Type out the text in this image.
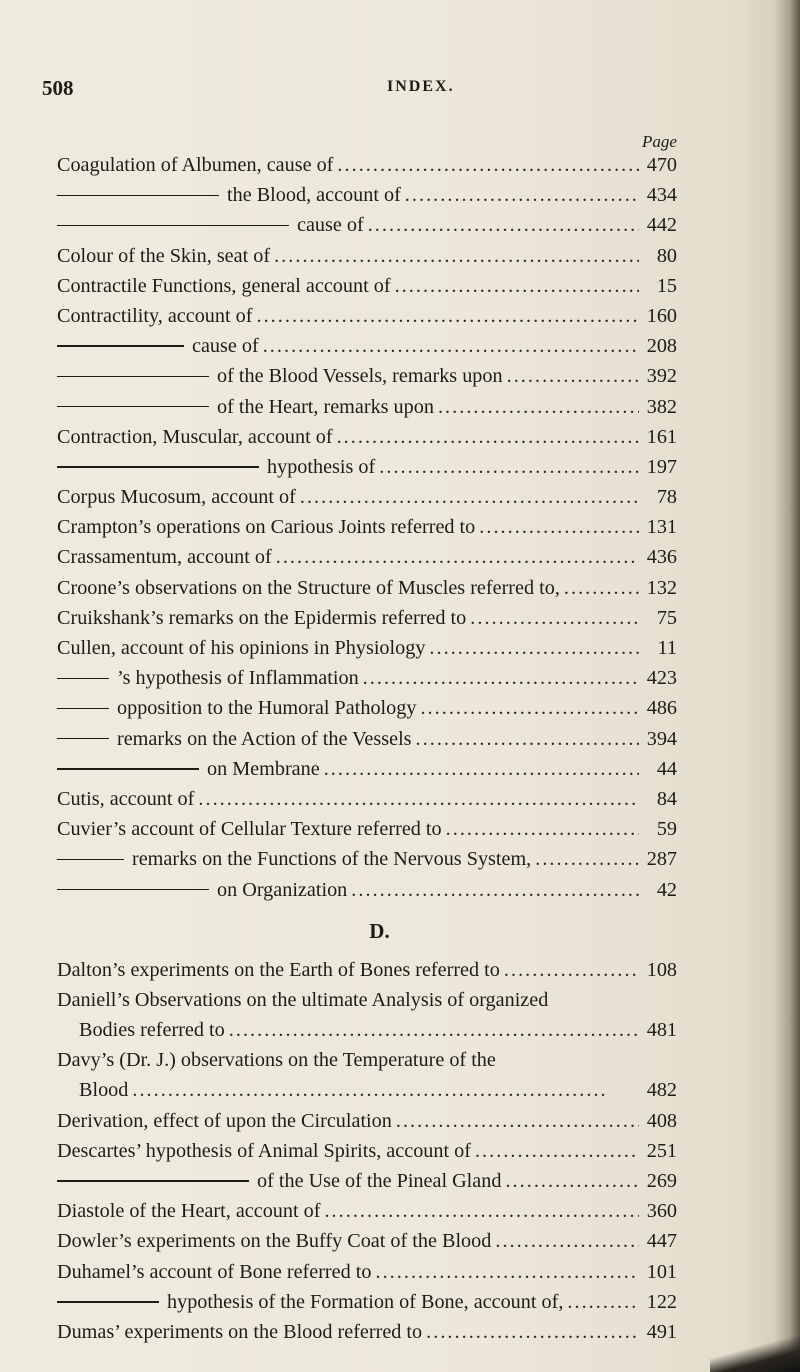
508	INDEX.
Page
Coagulation of Albumen, cause of . . .	470
the Blood, account of . . .	434
cause of . . .	442
Colour of the Skin, seat of . . .	80
Contractile Functions, general account of . . .	15
Contractility, account of . . .	160
cause of . . .	208
of the Blood Vessels, remarks upon . . .	392
of the Heart, remarks upon . . .	382
Contraction, Muscular, account of . . .	161
hypothesis of . . .	197
Corpus Mucosum, account of . . .	78
Crampton’s operations on Carious Joints referred to . . .	131
Crassamentum, account of . . .	436
Croone’s observations on the Structure of Muscles referred to, . . .	132
Cruikshank’s remarks on the Epidermis referred to . . .	75
Cullen, account of his opinions in Physiology . . .	11
’s hypothesis of Inflammation . . .	423
opposition to the Humoral Pathology . . .	486
remarks on the Action of the Vessels . . .	394
on Membrane . . .	44
Cutis, account of . . .	84
Cuvier’s account of Cellular Texture referred to . . .	59
remarks on the Functions of the Nervous System, . . .	287
on Organization . . .	42
D.
Dalton’s experiments on the Earth of Bones referred to . . .	108
Daniell’s Observations on the ultimate Analysis of organized
Bodies referred to . . .	481
Davy’s (Dr. J.) observations on the Temperature of the
Blood . . .	482
Derivation, effect of upon the Circulation . . .	408
Descartes’ hypothesis of Animal Spirits, account of . . .	251
of the Use of the Pineal Gland . . .	269
Diastole of the Heart, account of . . .	360
Dowler’s experiments on the Buffy Coat of the Blood . . .	447
Duhamel’s account of Bone referred to . . .	101
hypothesis of the Formation of Bone, account of, . . .	122
Dumas’ experiments on the Blood referred to . . .	491
